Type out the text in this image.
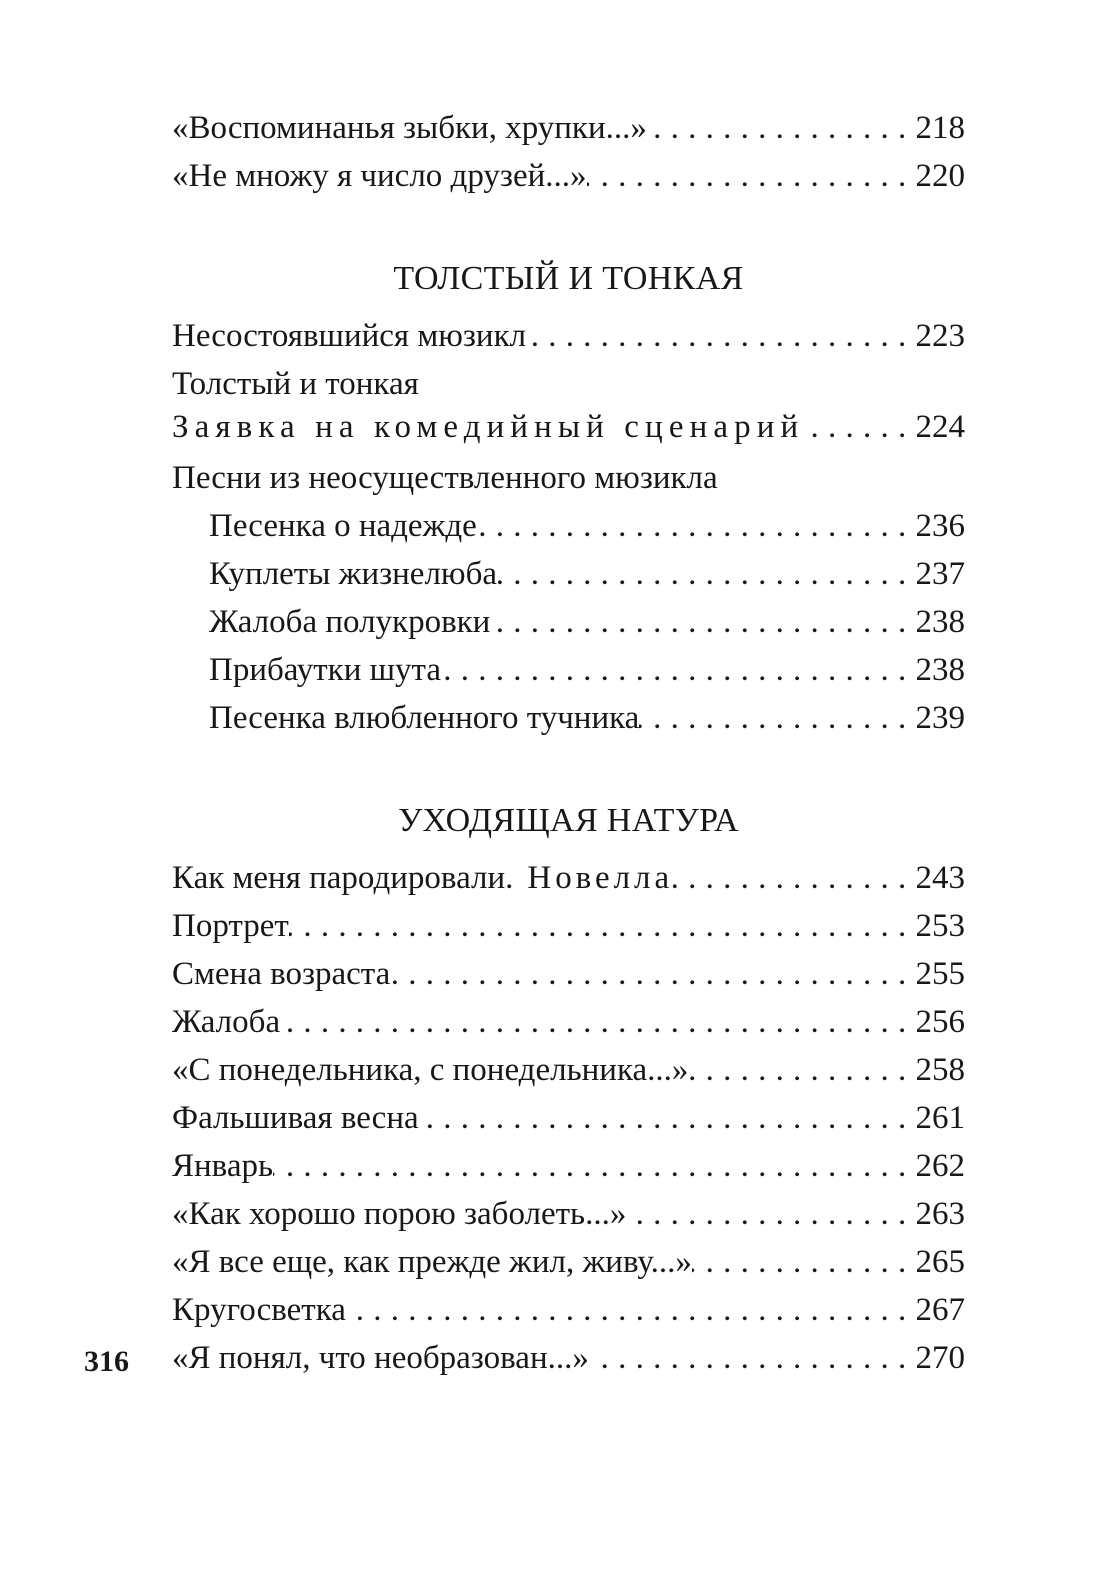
«Воспоминанья зыбки, хрупки...» .....	218
«Не множу я число друзей...» .....	220
ТОЛСТЫЙ И ТОНКАЯ
Несостоявшийся мюзикл .....	223
Толстый и тонкая
Заявка на комедийный сценарий .....	224
Песни из неосуществленного мюзикла
Песенка о надежде .....	236
Куплеты жизнелюба .....	237
Жалоба полукровки .....	238
Прибаутки шута .....	238
Песенка влюбленного тучника .....	239
УХОДЯЩАЯ НАТУРА
Как меня пародировали. Новелла .....	243
Портрет .....	253
Смена возраста .....	255
Жалоба .....	256
«С понедельника, с понедельника...» .....	258
Фальшивая весна .....	261
Январь .....	262
«Как хорошо порою заболеть...» .....	263
«Я все еще, как прежде жил, живу...» .....	265
Кругосветка .....	267
«Я понял, что необразован...» .....	270
316
